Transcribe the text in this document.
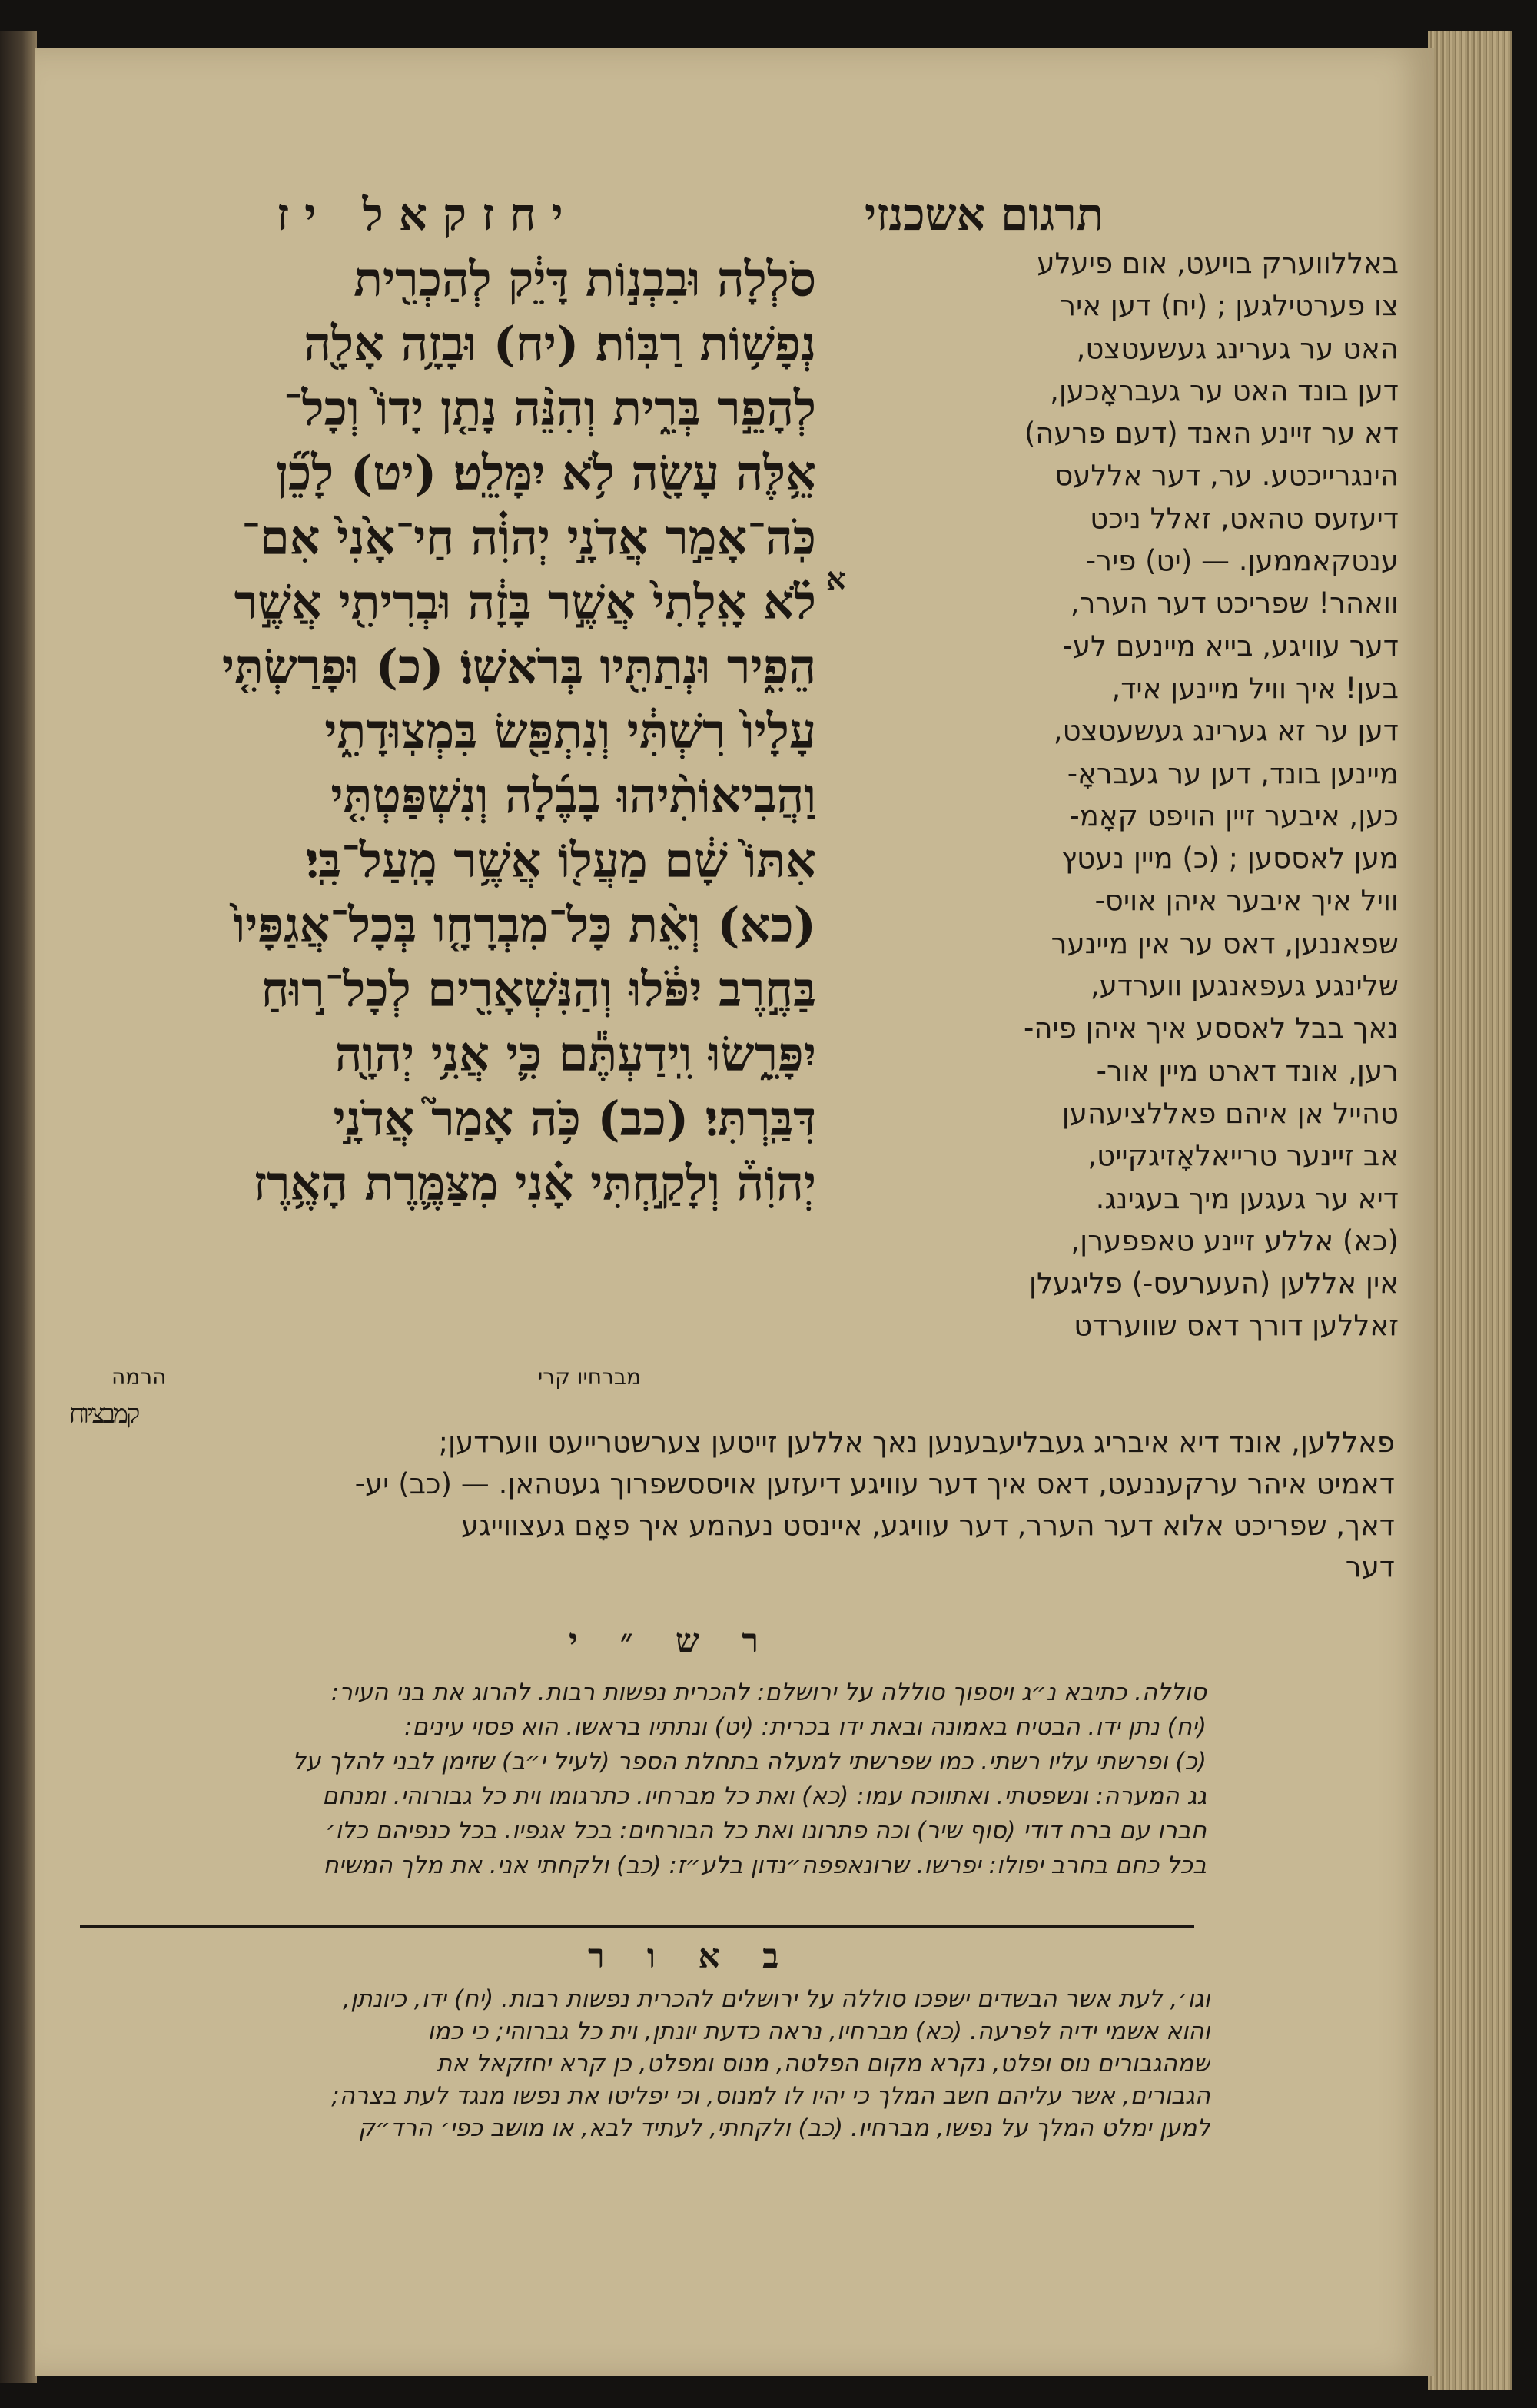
תרגום אשכנזי
יחזקאל יז
באללווערק בויעט, אום פיעלע
צו פערטילגען ; (יח) דען איר
האט ער גערינג געשעטצט,
דען בונד האט ער געבראָכען,
דא ער זיינע האנד (דעם פרעה)
הינגרייכטע. ער, דער אללעס
דיעזעס טהאט, זאלל ניכט
ענטקאממען. — (יט) פיר-
וואהר! שפריכט דער הערר,
דער עוויגע, בייא מיינעם לע-
בען! איך וויל מיינען איד,
דען ער זא גערינג געשעטצט,
מיינען בונד, דען ער געבראָ-
כען, איבער זיין הויפט קאָמ-
מען לאססען ; (כ) מיין נעטץ
וויל איך איבער איהן אויס-
שפאננען, דאס ער אין מיינער
שלינגע געפאנגען ווערדע,
נאך בבל לאססע איך איהן פיה-
רען, אונד דארט מיין אור-
טהייל אן איהם פאללציעהען
אב זיינער טרייאלאָזיגקייט,
דיא ער געגען מיך בעגינג.
(כא) אללע זיינע טאפפערן,
אין אללען (העערעס-) פליגעלן
זאללען דורך דאס שווערדט
סֹלְלָה וּבִבְנ֣וֹת דָּיֵ֔ק לְהַכְרִ֖ית
נְפָשׁ֥וֹת רַבּֽוֹת׃ (יח) וּבָזָ֥ה אָלָ֖ה
לְהָפֵ֣ר בְּרִ֑ית וְהִנֵּ֨ה נָתַ֤ן יָדוֹ֙ וְכָל־
אֵ֥לֶּה עָשָׂ֖ה לֹ֥א יִמָּלֵֽט׃ (יט) לָכֵ֞ן
כֹּֽה־אָמַ֣ר אֲדֹנָ֣י יְהוִֹ֗ה חַי־אָ֙נִי֙ אִם־
לֹ֗א אָֽלָתִי֙ אֲשֶׁ֣ר בָּזָ֔ה וּבְרִיתִ֖י אֲשֶׁ֣ר
הֵפִ֑יר וּנְתַתִּ֖יו בְּרֹאשֽׁוֹ׃ (כ) וּפָרַשְׂתִּ֤י
עָלָיו֙ רִשְׁתִּ֔י וְנִתְפַּ֖שׂ בִּמְצֽוּדָתִ֑י
וַהֲבִיאוֹתִ֨יהוּ בָבֶ֜לָה וְנִשְׁפַּטְתִּ֤י
אִתּוֹ֙ שָׁ֔ם מַעֲל֖וֹ אֲשֶׁ֥ר מָֽעַל־בִּֽי׃
(כא) וְאֵ֨ת כָּל־מִבְרָחָ֤ו בְּכָל־אֲגַפָּיו֙
בַּחֶ֣רֶב יִפֹּ֔לוּ וְהַנִּשְׁאָרִ֖ים לְכָל־ר֣וּחַ
יִפָּרֵ֑שׂוּ וִֽידַעְתֶּ֕ם כִּ֛י אֲנִ֥י יְהוָ֖ה
דִּבַּֽרְתִּי׃ (כב) כֹּ֥ה אָמַר֮ אֲדֹנָ֣י
יְהוִֹה֒ וְלָקַ֣חְתִּי אָ֗נִי מִצַּמֶּ֛רֶת הָאֶ֥רֶז
א
מברחיו קרי
הרמה
קמבציוח
פאללען, אונד דיא איבריג געבליעבענען נאך אללען זייטען צערשטרייעט ווערדען;
דאמיט איהר ערקעננעט, דאס איך דער עוויגע דיעזען אויססשפרוך געטהאן. — (כב) יע-
דאך, שפריכט אלוא דער הערר, דער עוויגע, איינסט נעהמע איך פאָם געצווייגע
דער
ר ש ״ י
סוללה. כתיבא נ״ג ויספוך סוללה על ירושלם: להכרית נפשות רבות. להרוג את בני העיר:
(יח) נתן ידו. הבטיח באמונה ובאת ידו בכרית: (יט) ונתתיו בראשו. הוא פסוי עינים:
(כ) ופרשתי עליו רשתי. כמו שפרשתי למעלה בתחלת הספר (לעיל י״ב) שזימן לבני להלך על
גג המערה: ונשפטתי. ואתווכח עמו: (כא) ואת כל מברחיו. כתרגומו וית כל גבורוהי. ומנחם
חברו עם ברח דודי (סוף שיר) וכה פתרונו ואת כל הבורחים: בכל אגפיו. בכל כנפיהם כלו׳
בכל כחם בחרב יפולו: יפרשו. שרונאפפה״נדון בלע״ז: (כב) ולקחתי אני. את מלך המשיח
ב א ו ר
וגו׳, לעת אשר הבשדים ישפכו סוללה על ירושלים להכרית נפשות רבות. (יח) ידו, כיונתן,
והוא אשמי ידיה לפרעה. (כא) מברחיו, נראה כדעת יונתן, וית כל גברוהי; כי כמו
שמהגבורים נוס ופלט, נקרא מקום הפלטה, מנוס ומפלט, כן קרא יחזקאל את
הגבורים, אשר עליהם חשב המלך כי יהיו לו למנוס, וכי יפליטו את נפשו מנגד לעת בצרה;
למען ימלט המלך על נפשו, מברחיו. (כב) ולקחתי, לעתיד לבא, או מושב כפי׳ הרד״ק
